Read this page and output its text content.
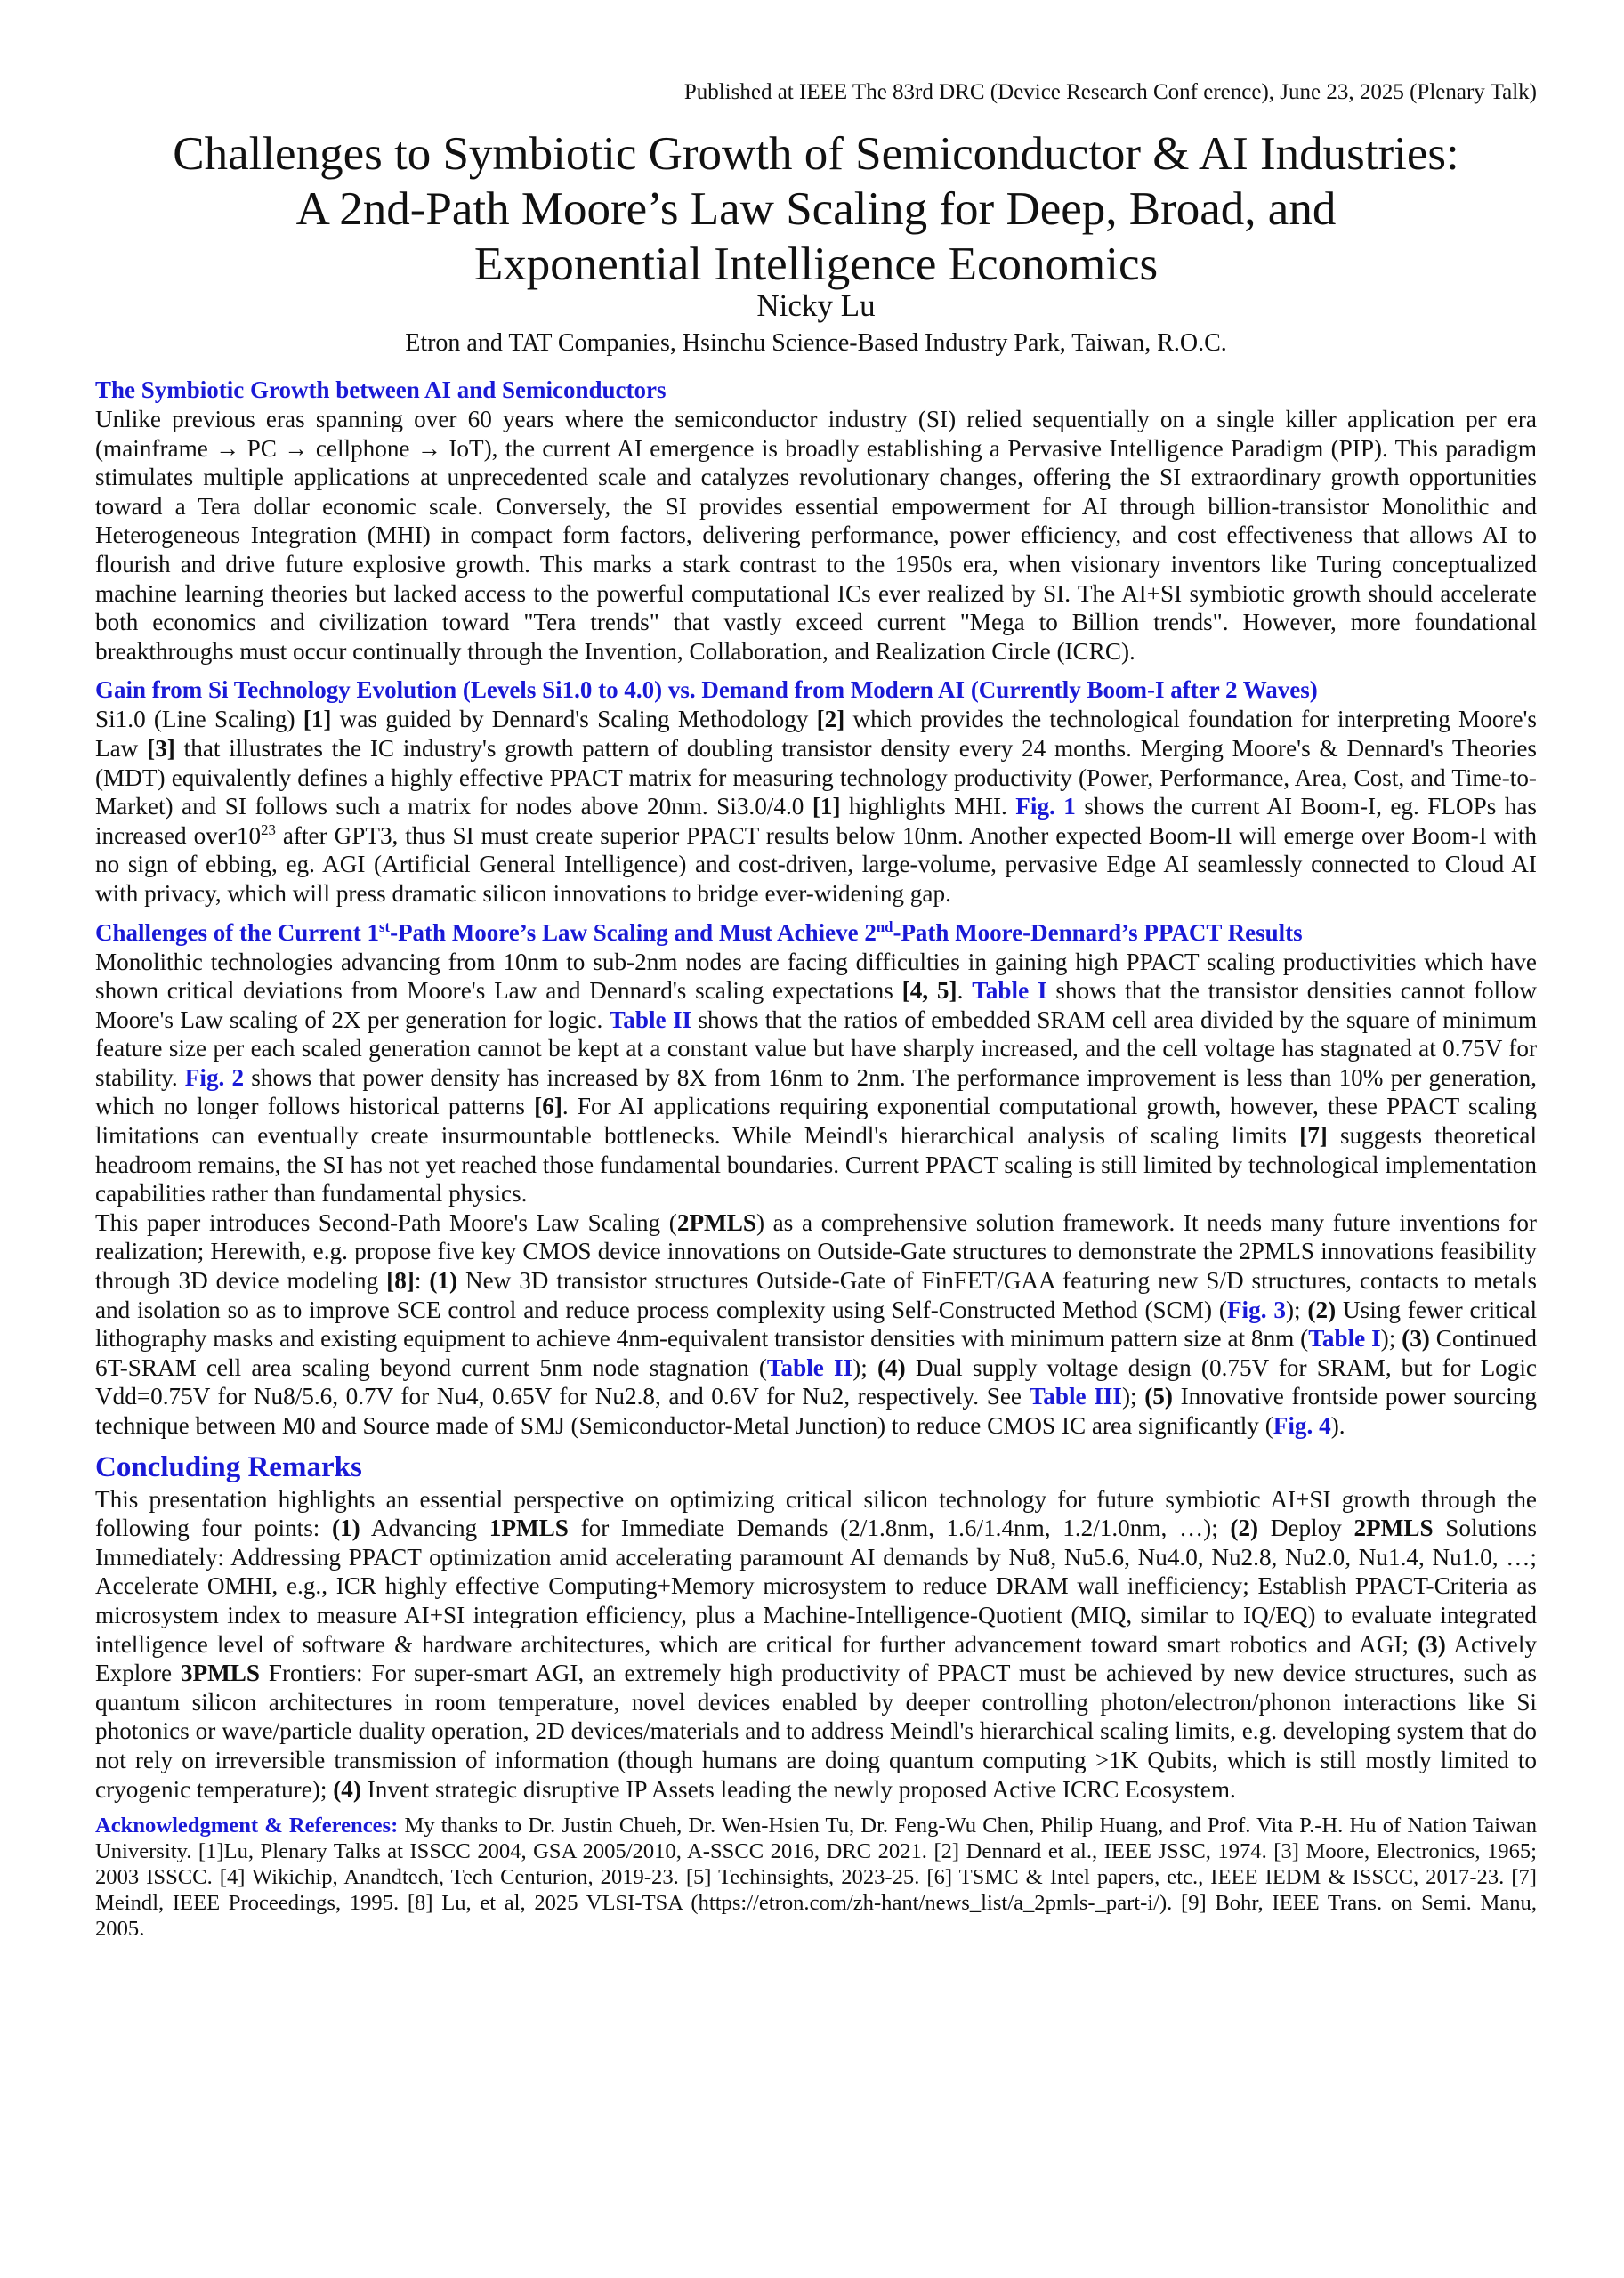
Published at IEEE The 83rd DRC (Device Research Conf erence), June 23, 2025 (Plenary Talk)
Challenges to Symbiotic Growth of Semiconductor & AI Industries:
A 2nd-Path Moore’s Law Scaling for Deep, Broad, and
Exponential Intelligence Economics
Nicky Lu
Etron and TAT Companies, Hsinchu Science-Based Industry Park, Taiwan, R.O.C.
The Symbiotic Growth between AI and Semiconductors

Unlike previous eras spanning over 60 years where the semiconductor industry (SI) relied sequentially on a single killer application per era (mainframe → PC → cellphone → IoT), the current AI emergence is broadly establishing a Pervasive Intelligence Paradigm (PIP). This paradigm stimulates multiple applications at unprecedented scale and catalyzes revolutionary changes, offering the SI extraordinary growth opportunities toward a Tera dollar economic scale. Conversely, the SI provides essential empowerment for AI through billion-transistor Monolithic and Heterogeneous Integration (MHI) in compact form factors, delivering performance, power efficiency, and cost effectiveness that allows AI to flourish and drive future explosive growth. This marks a stark contrast to the 1950s era, when visionary inventors like Turing conceptualized machine learning theories but lacked access to the powerful computational ICs ever realized by SI. The AI+SI symbiotic growth should accelerate both economics and civilization toward "Tera trends" that vastly exceed current "Mega to Billion trends". However, more foundational breakthroughs must occur continually through the Invention, Collaboration, and Realization Circle (ICRC).

Gain from Si Technology Evolution (Levels Si1.0 to 4.0) vs. Demand from Modern AI (Currently Boom-I after 2 Waves)

Si1.0 (Line Scaling) [1] was guided by Dennard's Scaling Methodology [2] which provides the technological foundation for interpreting Moore's Law [3] that illustrates the IC industry's growth pattern of doubling transistor density every 24 months. Merging Moore's & Dennard's Theories (MDT) equivalently defines a highly effective PPACT matrix for measuring technology productivity (Power, Performance, Area, Cost, and Time-to-Market) and SI follows such a matrix for nodes above 20nm. Si3.0/4.0 [1] highlights MHI. Fig. 1 shows the current AI Boom-I, eg. FLOPs has increased $over10^{23}$ after GPT3, thus SI must create superior PPACT results below 10nm. Another expected Boom-II will emerge over Boom-I with no sign of ebbing, eg. AGI (Artificial General Intelligence) and cost-driven, large-volume, pervasive Edge AI seamlessly connected to Cloud AI with privacy, which will press dramatic silicon innovations to bridge ever-widening gap.

Challenges of the Current 1st-Path Moore’s Law Scaling and Must Achieve 2nd-Path Moore-Dennard’s PPACT Results

Monolithic technologies advancing from 10nm to sub-2nm nodes are facing difficulties in gaining high PPACT scaling productivities which have shown critical deviations from Moore's Law and Dennard's scaling expectations [4, 5]. Table I shows that the transistor densities cannot follow Moore's Law scaling of 2X per generation for logic. Table II shows that the ratios of embedded SRAM cell area divided by the square of minimum feature size per each scaled generation cannot be kept at a constant value but have sharply increased, and the cell voltage has stagnated at 0.75V for stability. Fig. 2 shows that power density has increased by 8X from 16nm to 2nm. The performance improvement is less than 10% per generation, which no longer follows historical patterns [6]. For AI applications requiring exponential computational growth, however, these PPACT scaling limitations can eventually create insurmountable bottlenecks. While Meindl's hierarchical analysis of scaling limits [7] suggests theoretical headroom remains, the SI has not yet reached those fundamental boundaries. Current PPACT scaling is still limited by technological implementation capabilities rather than fundamental physics.

This paper introduces Second-Path Moore's Law Scaling (2PMLS) as a comprehensive solution framework. It needs many future inventions for realization; Herewith, e.g. propose five key CMOS device innovations on Outside-Gate structures to demonstrate the 2PMLS innovations feasibility through 3D device modeling [8]: (1) New 3D transistor structures Outside-Gate of FinFET/GAA featuring new S/D structures, contacts to metals and isolation so as to improve SCE control and reduce process complexity using Self-Constructed Method (SCM) (Fig. 3); (2) Using fewer critical lithography masks and existing equipment to achieve 4nm-equivalent transistor densities with minimum pattern size at 8nm (Table I); (3) Continued 6T-SRAM cell area scaling beyond current 5nm node stagnation (Table II); (4) Dual supply voltage design (0.75V for SRAM, but for Logic Vdd=0.75V for Nu8/5.6, 0.7V for Nu4, 0.65V for Nu2.8, and 0.6V for Nu2, respectively. See Table III); (5) Innovative frontside power sourcing technique between M0 and Source made of SMJ (Semiconductor-Metal Junction) to reduce CMOS IC area significantly (Fig. 4).

Concluding Remarks

This presentation highlights an essential perspective on optimizing critical silicon technology for future symbiotic AI+SI growth through the following four points: (1) Advancing 1PMLS for Immediate Demands (2/1.8nm, 1.6/1.4nm, 1.2/1.0nm, …); (2) Deploy 2PMLS Solutions Immediately: Addressing PPACT optimization amid accelerating paramount AI demands by Nu8, Nu5.6, Nu4.0, Nu2.8, Nu2.0, Nu1.4, Nu1.0, …; Accelerate OMHI, e.g., ICR highly effective Computing+Memory microsystem to reduce DRAM wall inefficiency; Establish PPACT-Criteria as microsystem index to measure AI+SI integration efficiency, plus a Machine-Intelligence-Quotient (MIQ, similar to IQ/EQ) to evaluate integrated intelligence level of software & hardware architectures, which are critical for further advancement toward smart robotics and AGI; (3) Actively Explore 3PMLS Frontiers: For super-smart AGI, an extremely high productivity of PPACT must be achieved by new device structures, such as quantum silicon architectures in room temperature, novel devices enabled by deeper controlling photon/electron/phonon interactions like Si photonics or wave/particle duality operation, 2D devices/materials and to address Meindl's hierarchical scaling limits, e.g. developing system that do not rely on irreversible transmission of information (though humans are doing quantum computing >1K Qubits, which is still mostly limited to cryogenic temperature); (4) Invent strategic disruptive IP Assets leading the newly proposed Active ICRC Ecosystem.

Acknowledgment & References: My thanks to Dr. Justin Chueh, Dr. Wen-Hsien Tu, Dr. Feng-Wu Chen, Philip Huang, and Prof. Vita P.-H. Hu of Nation Taiwan University. [1]Lu, Plenary Talks at ISSCC 2004, GSA 2005/2010, A-SSCC 2016, DRC 2021. [2] Dennard et al., IEEE JSSC, 1974. [3] Moore, Electronics, 1965; 2003 ISSCC. [4] Wikichip, Anandtech, Tech Centurion, 2019-23. [5] Techinsights, 2023-25. [6] TSMC & Intel papers, etc., IEEE IEDM & ISSCC, 2017-23. [7] Meindl, IEEE Proceedings, 1995. [8] Lu, et al, 2025 VLSI-TSA (https://etron.com/zh-hant/news_list/a_2pmls-_part-i/). [9] Bohr, IEEE Trans. on Semi. Manu, 2005.
